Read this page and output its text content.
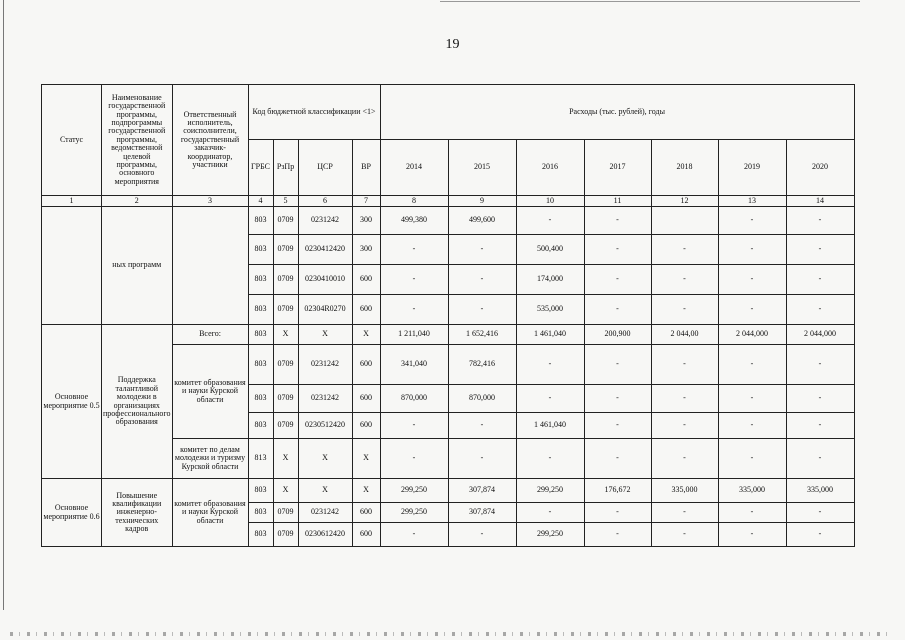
19
Статус	Наименование государственной программы, подпрограммы государственной программы, ведомственной целевой программы, основного мероприятия	Ответственный исполнитель, соисполнители, государственный заказчик-координатор, участники	Код бюджетной классификации <1>				Расходы (тыс. рублей), годы						
			ГРБС	РзПр	ЦСР	ВР	2014	2015	2016	2017	2018	2019	2020
1	2	3	4	5	6	7	8	9	10	11	12	13	14
	ных программ		803	0709	0231242	300	499,380	499,600	-	-		-	-
			803	0709	0230412420	300	-	-	500,400	-	-	-	-
			803	0709	0230410010	600	-	-	174,000	-	-	-	-
			803	0709	02304R0270	600	-	-	535,000	-	-	-	-
Основное мероприятие 0.5	Поддержка талантливой молодежи в организациях профессионального образования	Всего:	803	Х	Х	Х	1 211,040	1 652,416	1 461,040	200,900	2 044,00	2 044,000	2 044,000
		комитет образования и науки Курской области	803	0709	0231242	600	341,040	782,416	-	-	-	-	-
			803	0709	0231242	600	870,000	870,000	-	-	-	-	-
			803	0709	0230512420	600	-	-	1 461,040	-	-	-	-
		комитет по делам молодежи и туризму Курской области	813	Х	Х	Х	-	-	-	-	-	-	-
Основное мероприятие 0.6	Повышение квалификации инженерно-технических кадров	комитет образования и науки Курской области	803	Х	Х	Х	299,250	307,874	299,250	176,672	335,000	335,000	335,000
			803	0709	0231242	600	299,250	307,874	-	-	-	-	-
			803	0709	0230612420	600	-	-	299,250	-	-	-	-
